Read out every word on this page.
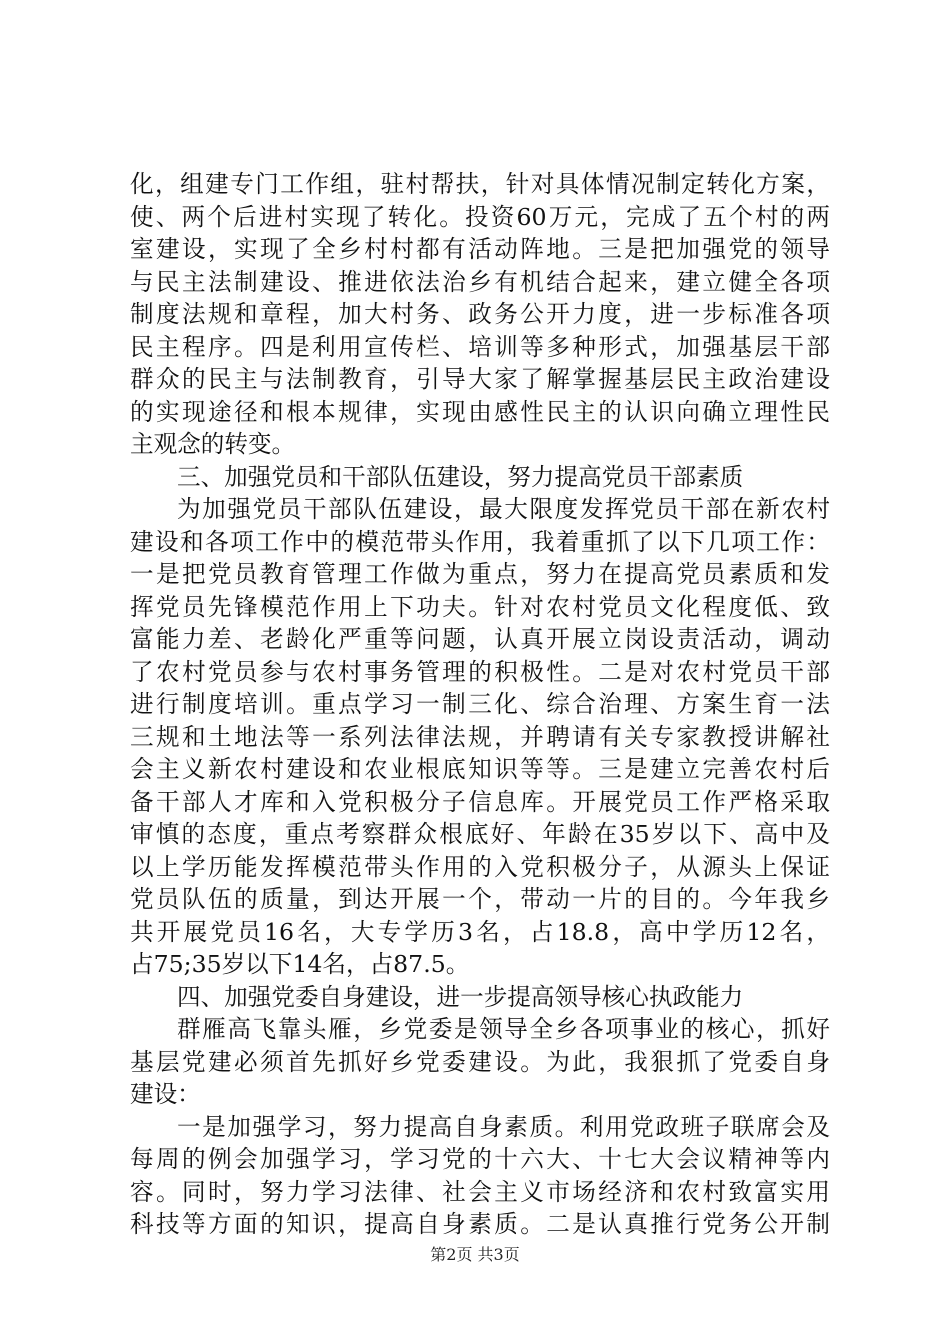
化，组建专门工作组，驻村帮扶，针对具体情况制定转化方案，
使、两个后进村实现了转化。投资60万元，完成了五个村的两
室建设，实现了全乡村村都有活动阵地。三是把加强党的领导
与民主法制建设、推进依法治乡有机结合起来，建立健全各项
制度法规和章程，加大村务、政务公开力度，进一步标准各项
民主程序。四是利用宣传栏、培训等多种形式，加强基层干部
群众的民主与法制教育，引导大家了解掌握基层民主政治建设
的实现途径和根本规律，实现由感性民主的认识向确立理性民
主观念的转变。
三、加强党员和干部队伍建设，努力提高党员干部素质
为加强党员干部队伍建设，最大限度发挥党员干部在新农村
建设和各项工作中的模范带头作用，我着重抓了以下几项工作：
一是把党员教育管理工作做为重点，努力在提高党员素质和发
挥党员先锋模范作用上下功夫。针对农村党员文化程度低、致
富能力差、老龄化严重等问题，认真开展立岗设责活动，调动
了农村党员参与农村事务管理的积极性。二是对农村党员干部
进行制度培训。重点学习一制三化、综合治理、方案生育一法
三规和土地法等一系列法律法规，并聘请有关专家教授讲解社
会主义新农村建设和农业根底知识等等。三是建立完善农村后
备干部人才库和入党积极分子信息库。开展党员工作严格采取
审慎的态度，重点考察群众根底好、年龄在35岁以下、高中及
以上学历能发挥模范带头作用的入党积极分子，从源头上保证
党员队伍的质量，到达开展一个，带动一片的目的。今年我乡
共开展党员16名，大专学历3名，占18.8，高中学历12名，
占75;35岁以下14名，占87.5。
四、加强党委自身建设，进一步提高领导核心执政能力
群雁高飞靠头雁，乡党委是领导全乡各项事业的核心，抓好
基层党建必须首先抓好乡党委建设。为此，我狠抓了党委自身
建设：
一是加强学习，努力提高自身素质。利用党政班子联席会及
每周的例会加强学习，学习党的十六大、十七大会议精神等内
容。同时，努力学习法律、社会主义市场经济和农村致富实用
科技等方面的知识，提高自身素质。二是认真推行党务公开制
第2页 共3页
